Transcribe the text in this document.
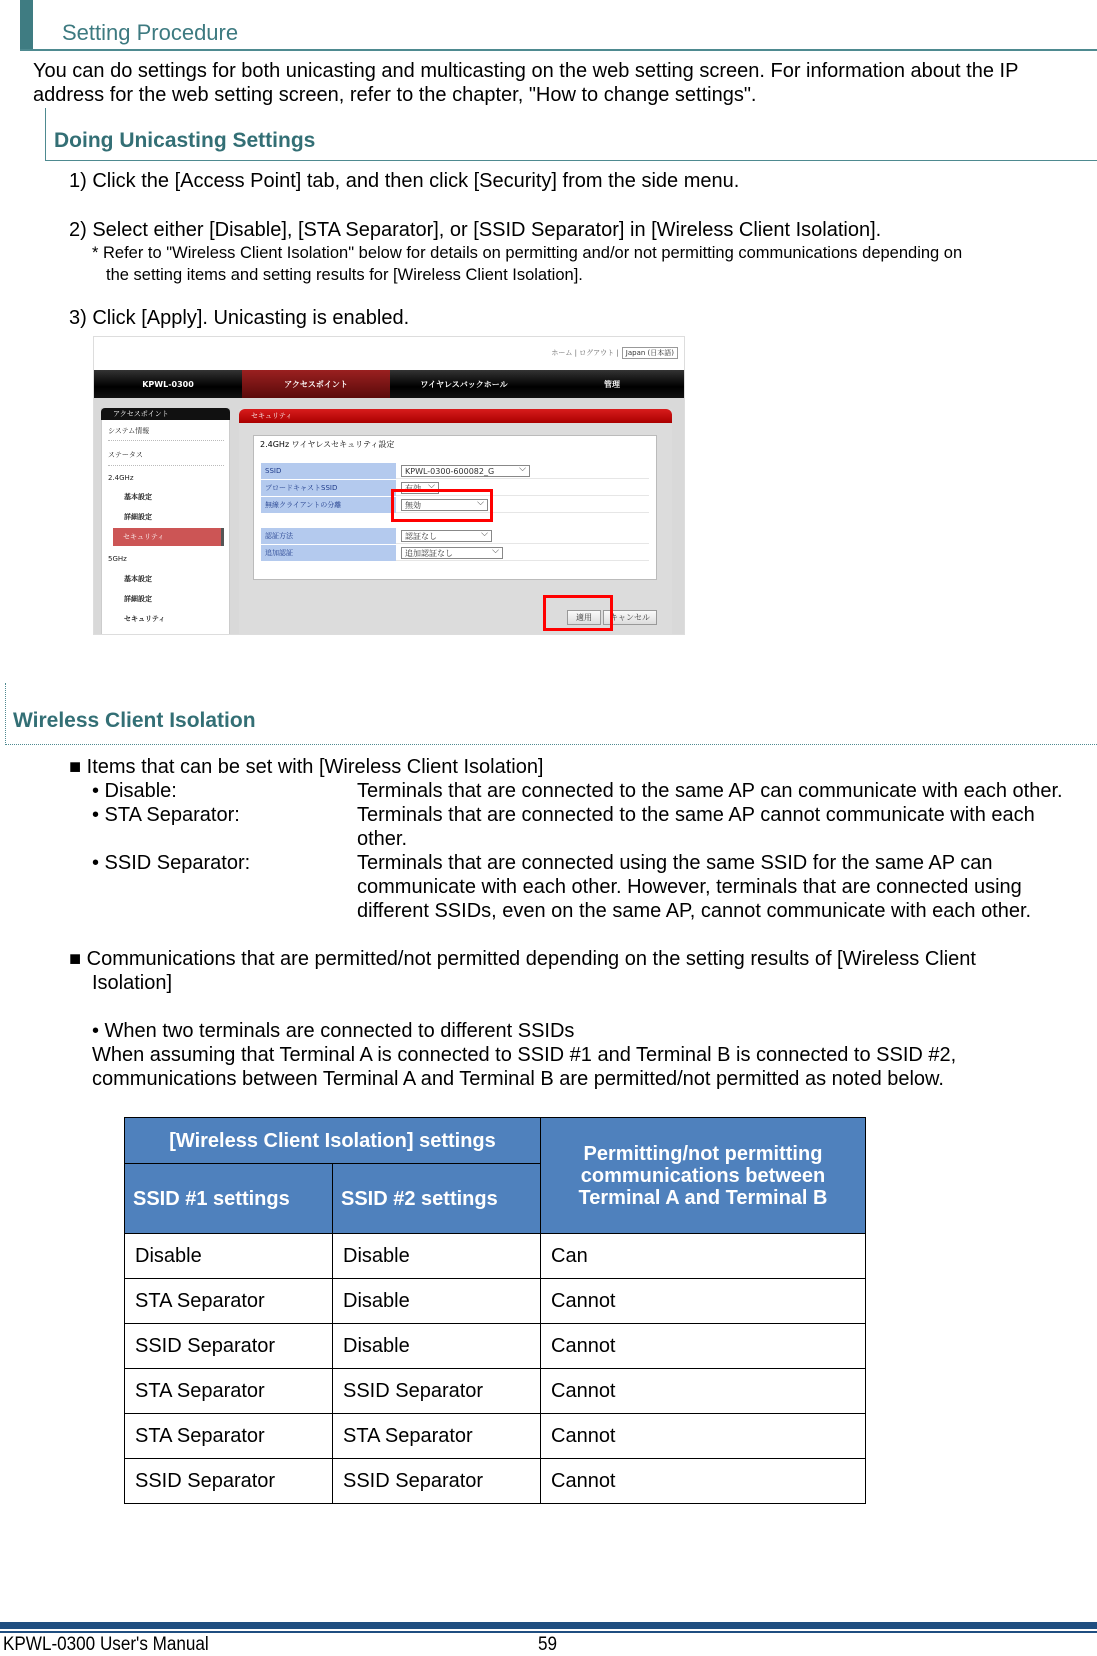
Setting Procedure
You can do settings for both unicasting and multicasting on the web setting screen. For information about the IP
address for the web setting screen, refer to the chapter, "How to change settings".
Doing Unicasting Settings
1) Click the [Access Point] tab, and then click [Security] from the side menu.
2) Select either [Disable], [STA Separator], or [SSID Separator] in [Wireless Client Isolation].
* Refer to "Wireless Client Isolation" below for details on permitting and/or not permitting communications depending on
the setting items and setting results for [Wireless Client Isolation].
3) Click [Apply]. Unicasting is enabled.
ホーム | ログアウト | Japan (日本語)
KPWL-0300	アクセスポイント	ワイヤレスバックホール	管理
アクセスポイント
システム情報
ステータス
2.4GHz
基本設定
詳細設定
セキュリティ
5GHz
基本設定
詳細設定
セキュリティ
セキュリティ
2.4GHz ワイヤレスセキュリティ設定
SSID	KPWL-0300-600082_G ⌵
ブロードキャストSSID	有効 ⌵
無線クライアントの分離	無効 ⌵
認証方法	認証なし ⌵
追加認証	追加認証なし ⌵
適用	キャンセル
Wireless Client Isolation
■ Items that can be set with [Wireless Client Isolation]
• Disable:	Terminals that are connected to the same AP can communicate with each other.
• STA Separator:	Terminals that are connected to the same AP cannot communicate with each
other.
• SSID Separator:	Terminals that are connected using the same SSID for the same AP can
communicate with each other. However, terminals that are connected using
different SSIDs, even on the same AP, cannot communicate with each other.
■ Communications that are permitted/not permitted depending on the setting results of [Wireless Client
Isolation]
• When two terminals are connected to different SSIDs
When assuming that Terminal A is connected to SSID #1 and Terminal B is connected to SSID #2,
communications between Terminal A and Terminal B are permitted/not permitted as noted below.
[Wireless Client Isolation] settings		Permitting/not permitting communications between Terminal A and Terminal B
SSID #1 settings	SSID #2 settings	
Disable	Disable	Can
STA Separator	Disable	Cannot
SSID Separator	Disable	Cannot
STA Separator	SSID Separator	Cannot
STA Separator	STA Separator	Cannot
SSID Separator	SSID Separator	Cannot
KPWL-0300 User's Manual	59
